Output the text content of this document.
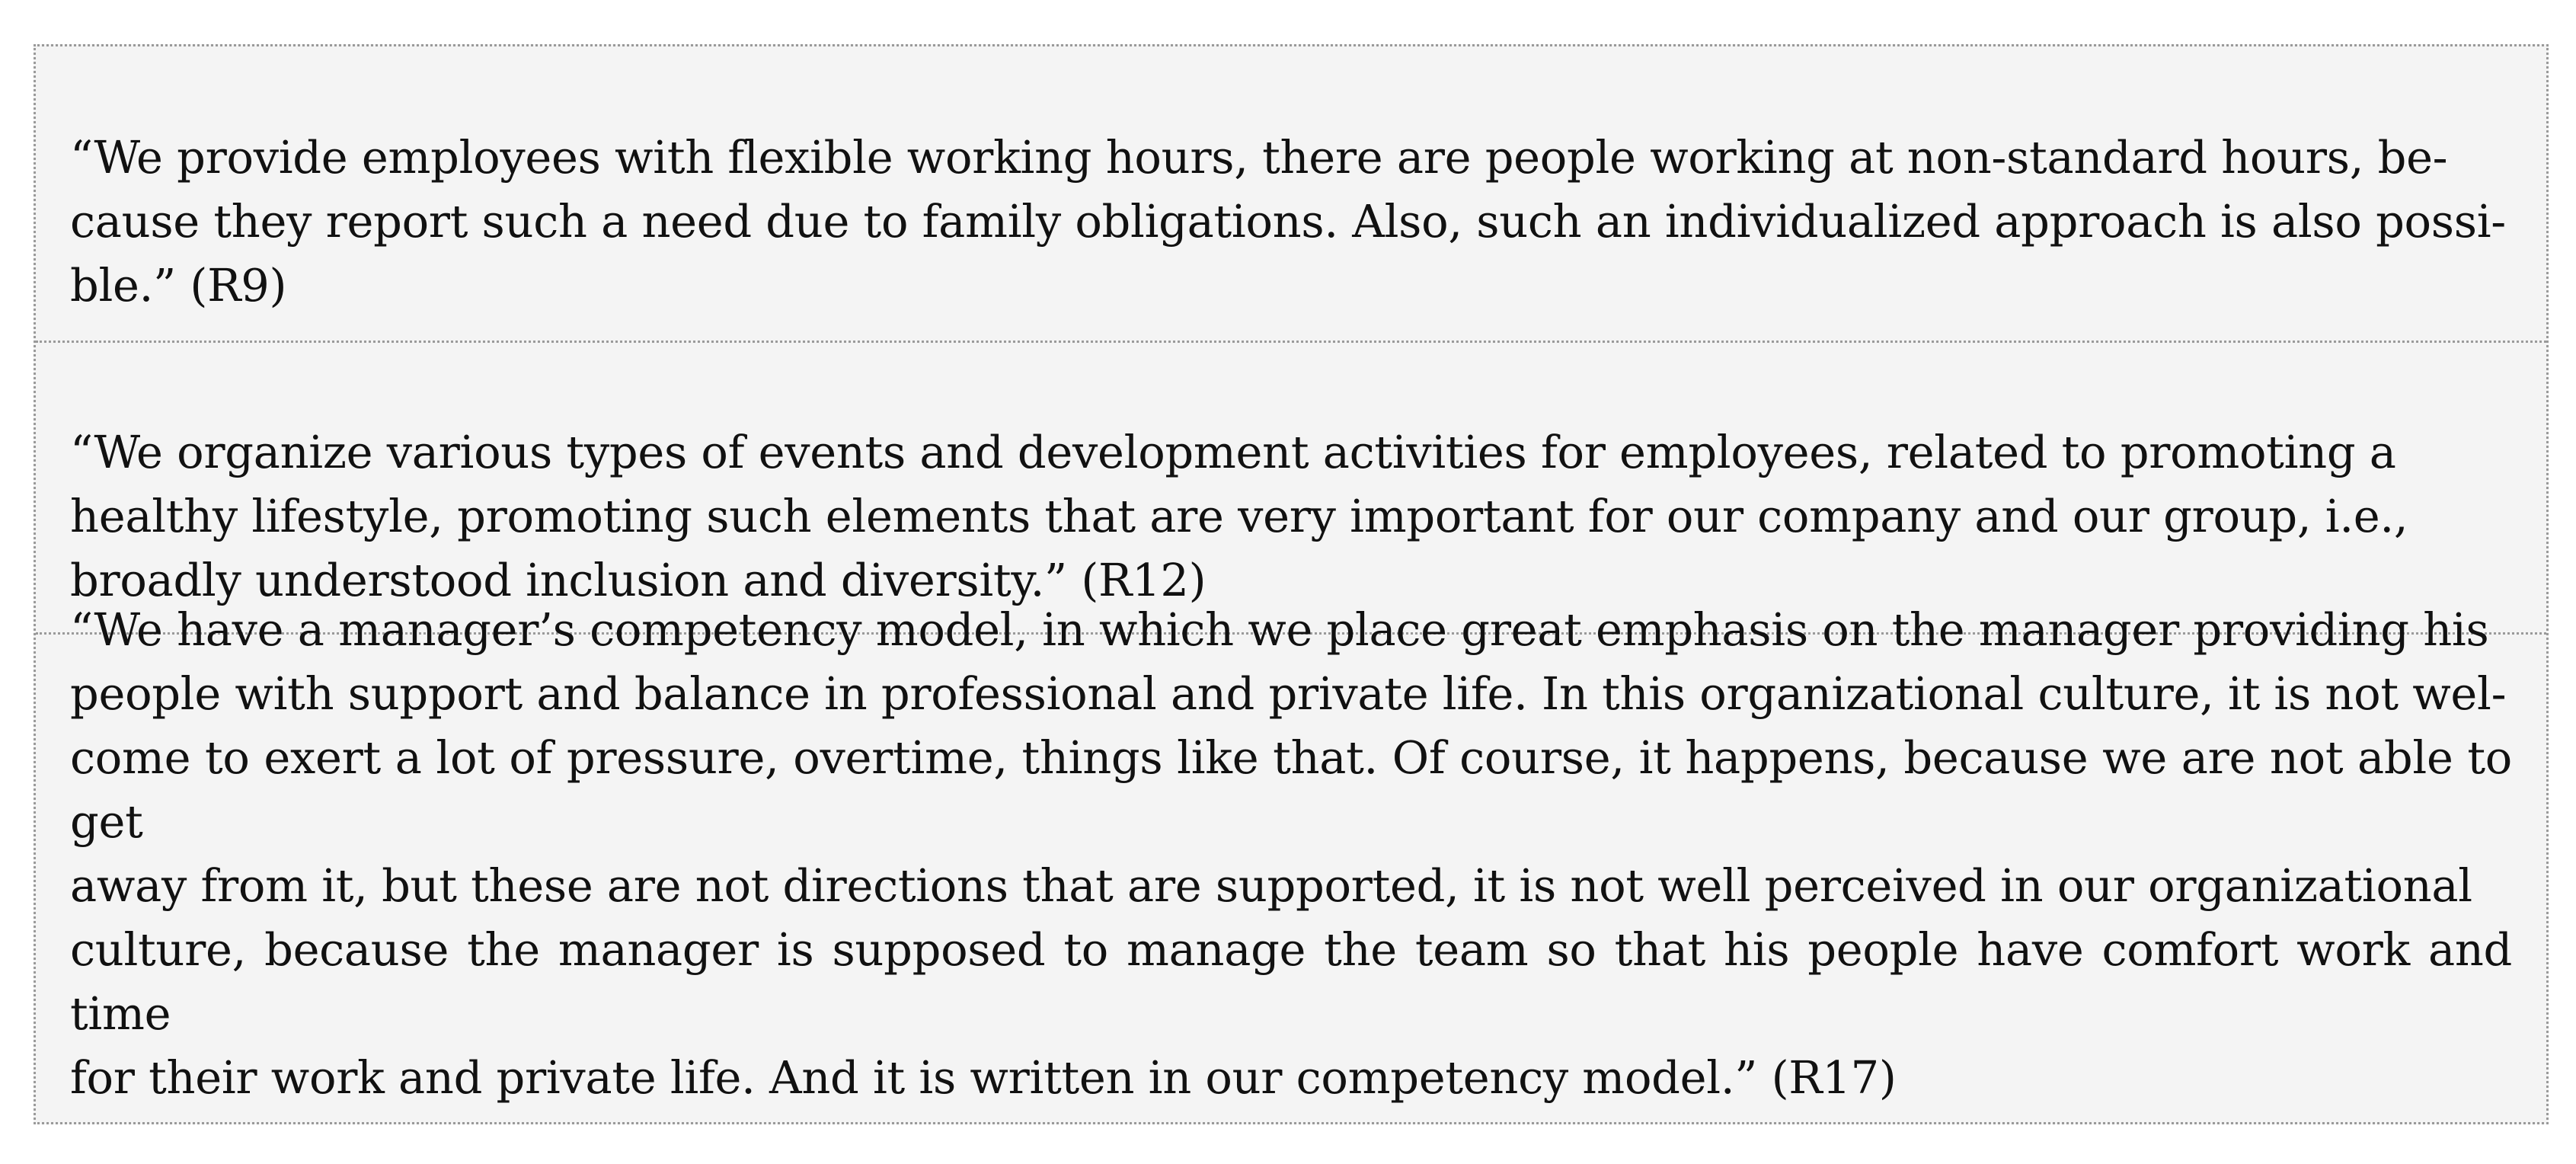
“We provide employees with flexible working hours, there are people working at non-standard hours, be-
cause they report such a need due to family obligations. Also, such an individualized approach is also possi-
ble.” (R9)

“We organize various types of events and development activities for employees, related to promoting a
healthy lifestyle, promoting such elements that are very important for our company and our group, i.e.,
broadly understood inclusion and diversity.” (R12)

“We have a manager’s competency model, in which we place great emphasis on the manager providing his
people with support and balance in professional and private life. In this organizational culture, it is not wel-
come to exert a lot of pressure, overtime, things like that. Of course, it happens, because we are not able to get
away from it, but these are not directions that are supported, it is not well perceived in our organizational
culture, because the manager is supposed to manage the team so that his people have comfort work and time
for their work and private life. And it is written in our competency model.” (R17)
